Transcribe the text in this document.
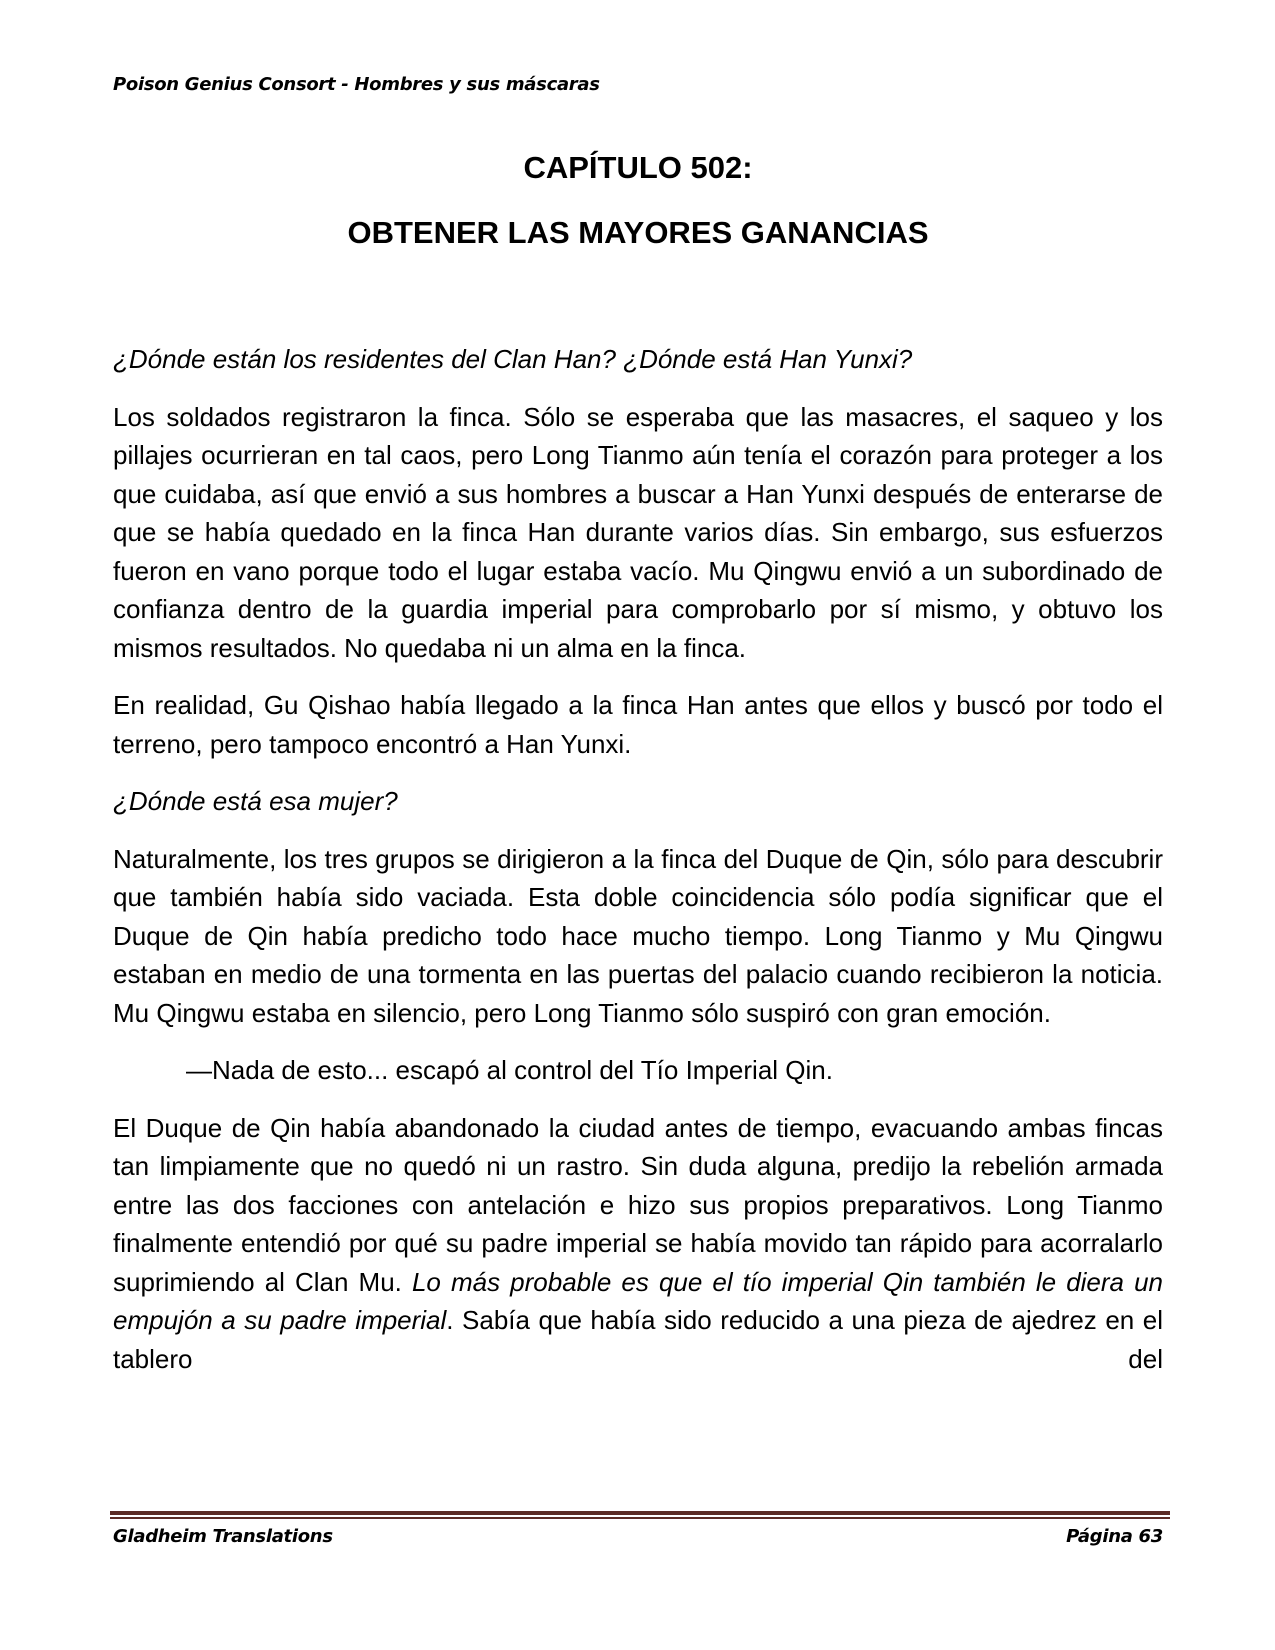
Poison Genius Consort - Hombres y sus máscaras
CAPÍTULO 502:
OBTENER LAS MAYORES GANANCIAS

¿Dónde están los residentes del Clan Han? ¿Dónde está Han Yunxi?

Los soldados registraron la finca. Sólo se esperaba que las masacres, el saqueo y los pillajes ocurrieran en tal caos, pero Long Tianmo aún tenía el corazón para proteger a los que cuidaba, así que envió a sus hombres a buscar a Han Yunxi después de enterarse de que se había quedado en la finca Han durante varios días. Sin embargo, sus esfuerzos fueron en vano porque todo el lugar estaba vacío. Mu Qingwu envió a un subordinado de confianza dentro de la guardia imperial para comprobarlo por sí mismo, y obtuvo los mismos resultados. No quedaba ni un alma en la finca.

En realidad, Gu Qishao había llegado a la finca Han antes que ellos y buscó por todo el terreno, pero tampoco encontró a Han Yunxi.

¿Dónde está esa mujer?

Naturalmente, los tres grupos se dirigieron a la finca del Duque de Qin, sólo para descubrir que también había sido vaciada. Esta doble coincidencia sólo podía significar que el Duque de Qin había predicho todo hace mucho tiempo. Long Tianmo y Mu Qingwu estaban en medio de una tormenta en las puertas del palacio cuando recibieron la noticia. Mu Qingwu estaba en silencio, pero Long Tianmo sólo suspiró con gran emoción.

—Nada de esto... escapó al control del Tío Imperial Qin.

El Duque de Qin había abandonado la ciudad antes de tiempo, evacuando ambas fincas tan limpiamente que no quedó ni un rastro. Sin duda alguna, predijo la rebelión armada entre las dos facciones con antelación e hizo sus propios preparativos. Long Tianmo finalmente entendió por qué su padre imperial se había movido tan rápido para acorralarlo suprimiendo al Clan Mu. Lo más probable es que el tío imperial Qin también le diera un empujón a su padre imperial. Sabía que había sido reducido a una pieza de ajedrez en el tablero del

Gladheim Translations	Página 63
